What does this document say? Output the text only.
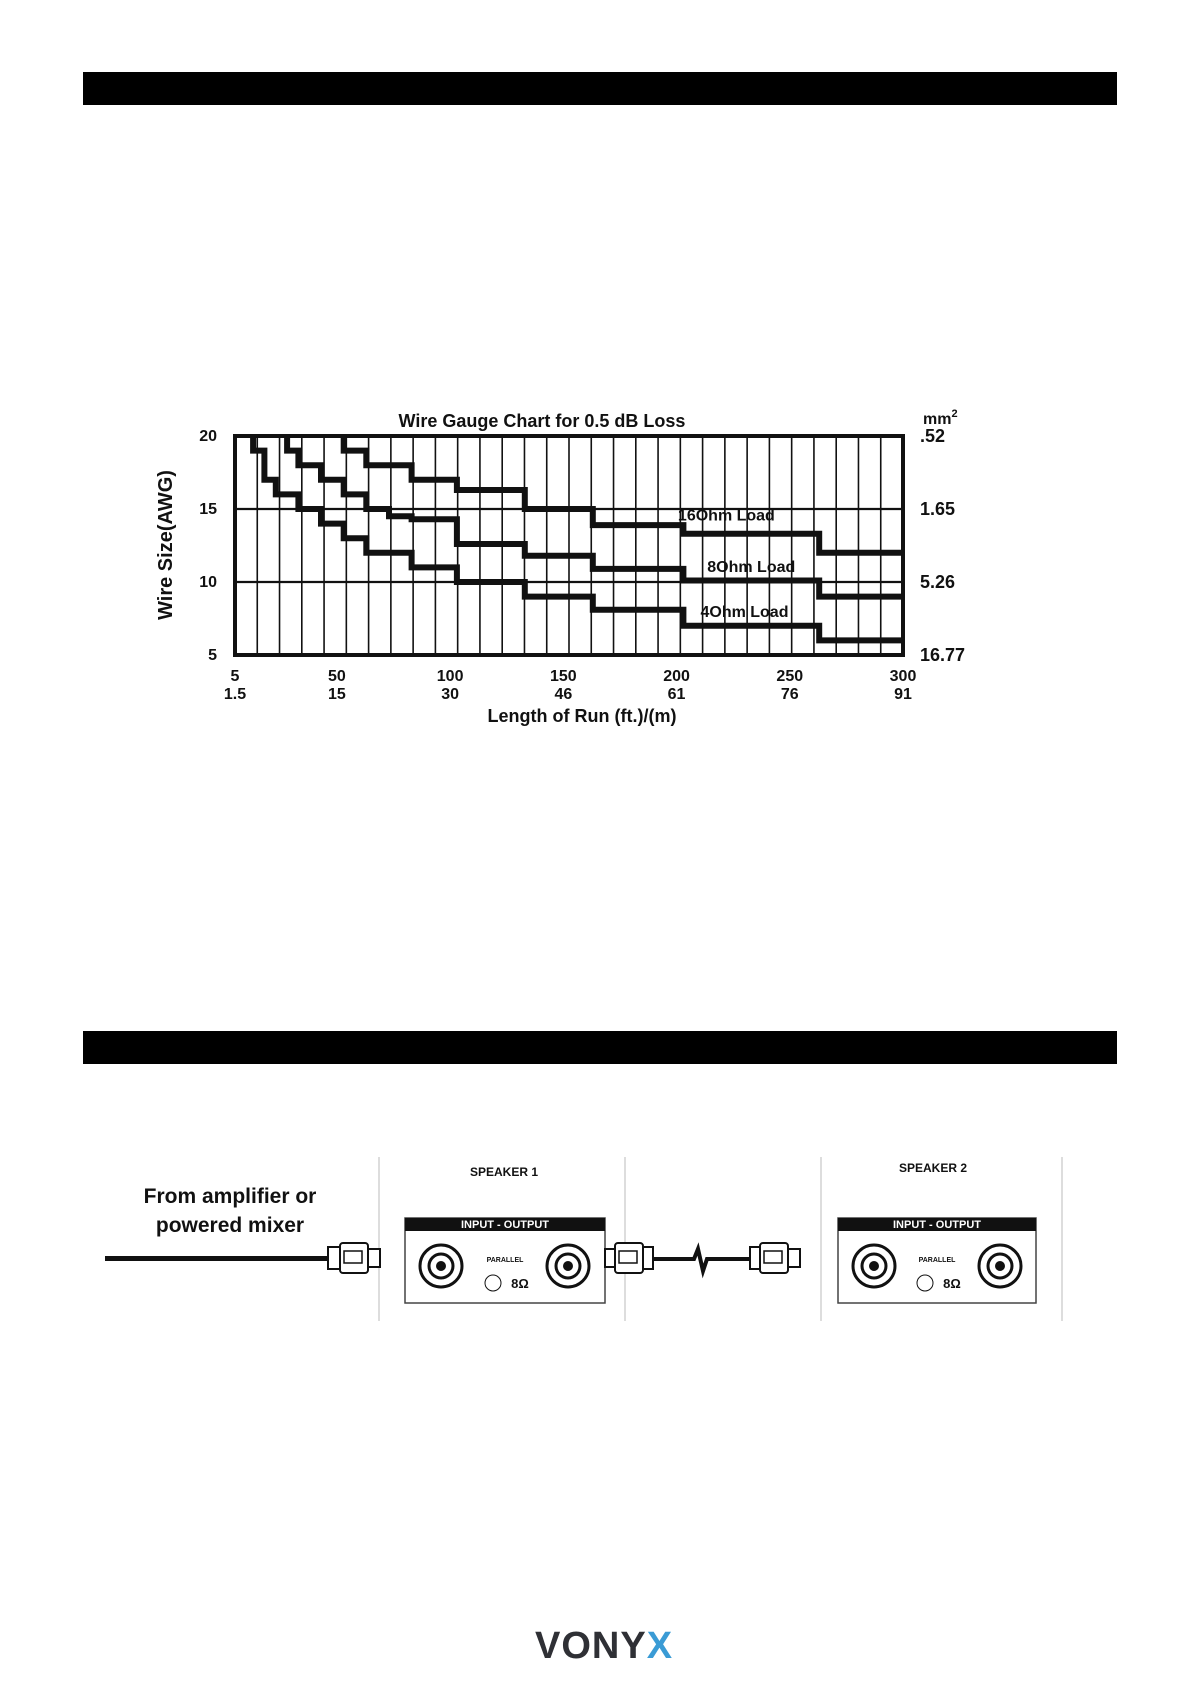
16Ohm Load
8Ohm Load
4Ohm Load
Wire Gauge Chart for 0.5 dB Loss	$mm^2$
20
15
10
5
.52
1.65
5.26
16.77
5
1.5
50
15
100
30
150
46
200
61
250
76
300
91
Length of Run (ft.)/(m)
Wire Size(AWG)
From amplifier or
powered mixer
SPEAKER 1
INPUT - OUTPUT
PARALLEL
8Ω
SPEAKER 2
INPUT - OUTPUT
PARALLEL
8Ω
VONYX
